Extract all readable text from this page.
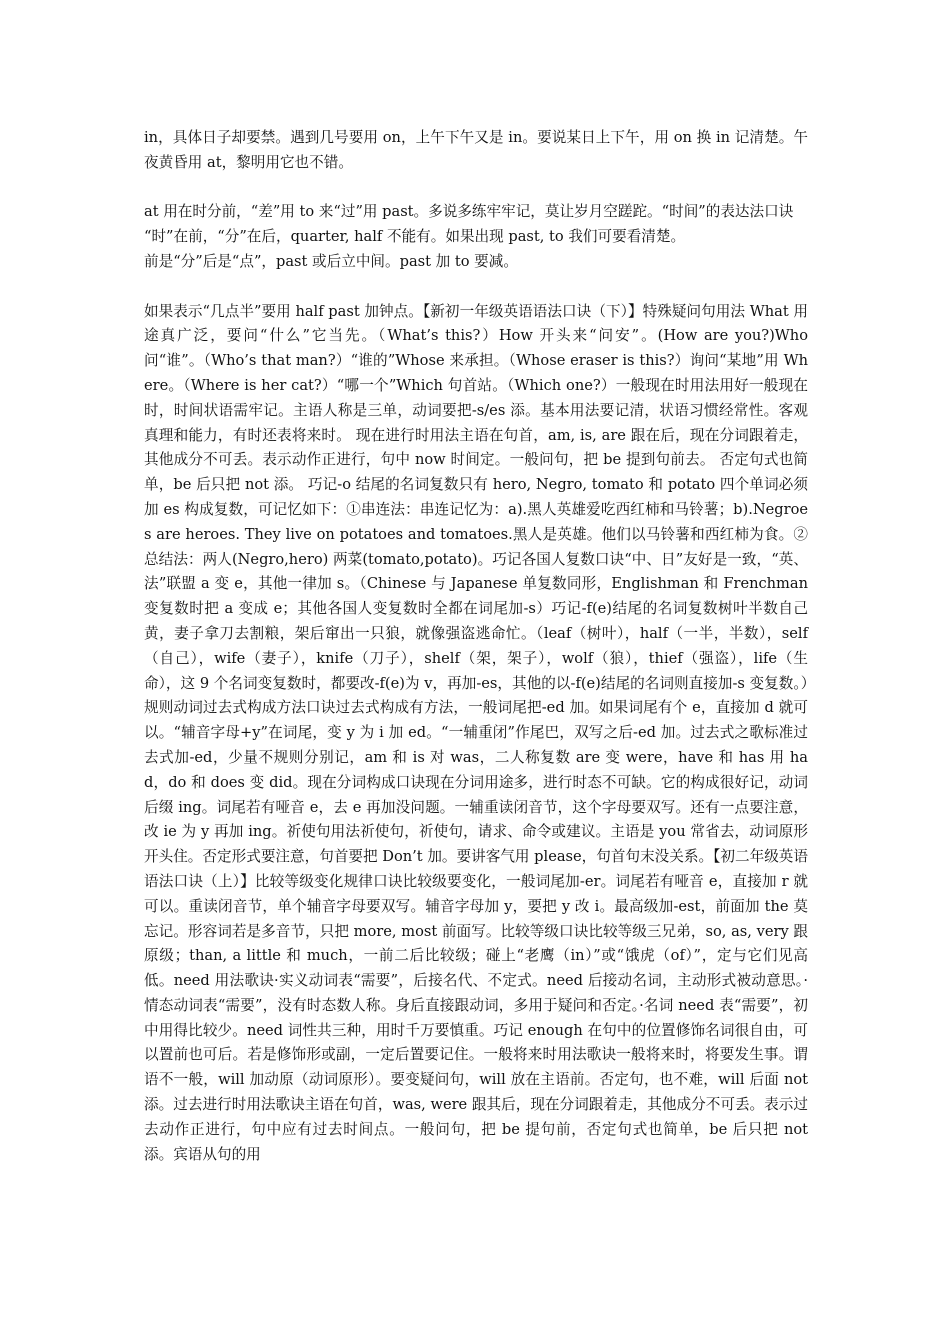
in，具体日子却要禁。遇到几号要用 on，上午下午又是 in。要说某日上下午，用 on 换 in 记清楚。午夜黄昏用 at，黎明用它也不错。

at 用在时分前，“差”用 to 来“过”用 past。多说多练牢牢记，莫让岁月空蹉跎。“时间”的表达法口诀

“时”在前，“分”在后，quarter, half 不能有。如果出现 past, to 我们可要看清楚。

前是“分”后是“点”，past 或后立中间。past 加 to 要减。

如果表示“几点半”要用 half past 加钟点。【新初一年级英语语法口诀（下）】特殊疑问句用法 What 用途真广泛，要问“什么”它当先。（What’s this?）How 开头来“问安”。(How are you?)Who 问“谁”。（Who’s that man?）“谁的”Whose 来承担。（Whose eraser is this?）询问“某地”用 Where。（Where is her cat?）“哪一个”Which 句首站。（Which one?）一般现在时用法用好一般现在时，时间状语需牢记。主语人称是三单，动词要把-s/es 添。基本用法要记清，状语习惯经常性。客观真理和能力，有时还表将来时。 现在进行时用法主语在句首，am, is, are 跟在后，现在分词跟着走，其他成分不可丢。表示动作正进行，句中 now 时间定。一般问句，把 be 提到句前去。 否定句式也简单，be 后只把 not 添。 巧记-o 结尾的名词复数只有 hero, Negro, tomato 和 potato 四个单词必须加 es 构成复数，可记忆如下：①串连法：串连记忆为：a).黑人英雄爱吃西红柿和马铃薯；b).Negroes are heroes. They live on potatoes and tomatoes.黑人是英雄。他们以马铃薯和西红柿为食。②总结法：两人(Negro,hero) 两菜(tomato,potato)。巧记各国人复数口诀“中、日”友好是一致，“英、法”联盟 a 变 e，其他一律加 s。（Chinese 与 Japanese 单复数同形，Englishman 和 Frenchman 变复数时把 a 变成 e；其他各国人变复数时全都在词尾加-s）巧记-f(e)结尾的名词复数树叶半数自己黄，妻子拿刀去割粮，架后窜出一只狼，就像强盗逃命忙。（leaf（树叶），half（一半，半数），self（自己），wife（妻子），knife（刀子），shelf（架，架子），wolf（狼），thief（强盗），life（生命），这 9 个名词变复数时，都要改-f(e)为 v，再加-es，其他的以-f(e)结尾的名词则直接加-s 变复数。）规则动词过去式构成方法口诀过去式构成有方法，一般词尾把-ed 加。如果词尾有个 e，直接加 d 就可以。“辅音字母+y”在词尾，变 y 为 i 加 ed。“一辅重闭”作尾巴，双写之后-ed 加。过去式之歌标准过去式加-ed，少量不规则分别记，am 和 is 对 was，二人称复数 are 变 were，have 和 has 用 had，do 和 does 变 did。现在分词构成口诀现在分词用途多，进行时态不可缺。它的构成很好记，动词后缀 ing。词尾若有哑音 e，去 e 再加没问题。一辅重读闭音节，这个字母要双写。还有一点要注意，改 ie 为 y 再加 ing。祈使句用法祈使句，祈使句，请求、命令或建议。主语是 you 常省去，动词原形开头住。否定形式要注意，句首要把 Don’t 加。要讲客气用 please，句首句末没关系。【初二年级英语语法口诀（上）】比较等级变化规律口诀比较级要变化，一般词尾加-er。词尾若有哑音 e，直接加 r 就可以。重读闭音节，单个辅音字母要双写。辅音字母加 y，要把 y 改 i。最高级加-est，前面加 the 莫忘记。形容词若是多音节，只把 more, most 前面写。比较等级口诀比较等级三兄弟，so, as, very 跟原级；than, a little 和 much，一前二后比较级；碰上“老鹰（in）”或“饿虎（of）”，定与它们见高低。need 用法歌诀·实义动词表“需要”，后接名代、不定式。need 后接动名词，主动形式被动意思。·情态动词表“需要”，没有时态数人称。身后直接跟动词，多用于疑问和否定。·名词 need 表“需要”，初中用得比较少。need 词性共三种，用时千万要慎重。巧记 enough 在句中的位置修饰名词很自由，可以置前也可后。若是修饰形或副，一定后置要记住。一般将来时用法歌诀一般将来时，将要发生事。谓语不一般，will 加动原（动词原形）。要变疑问句，will 放在主语前。否定句，也不难，will 后面 not 添。过去进行时用法歌诀主语在句首，was, were 跟其后，现在分词跟着走，其他成分不可丢。表示过去动作正进行，句中应有过去时间点。一般问句，把 be 提句前，否定句式也简单，be 后只把 not 添。宾语从句的用
